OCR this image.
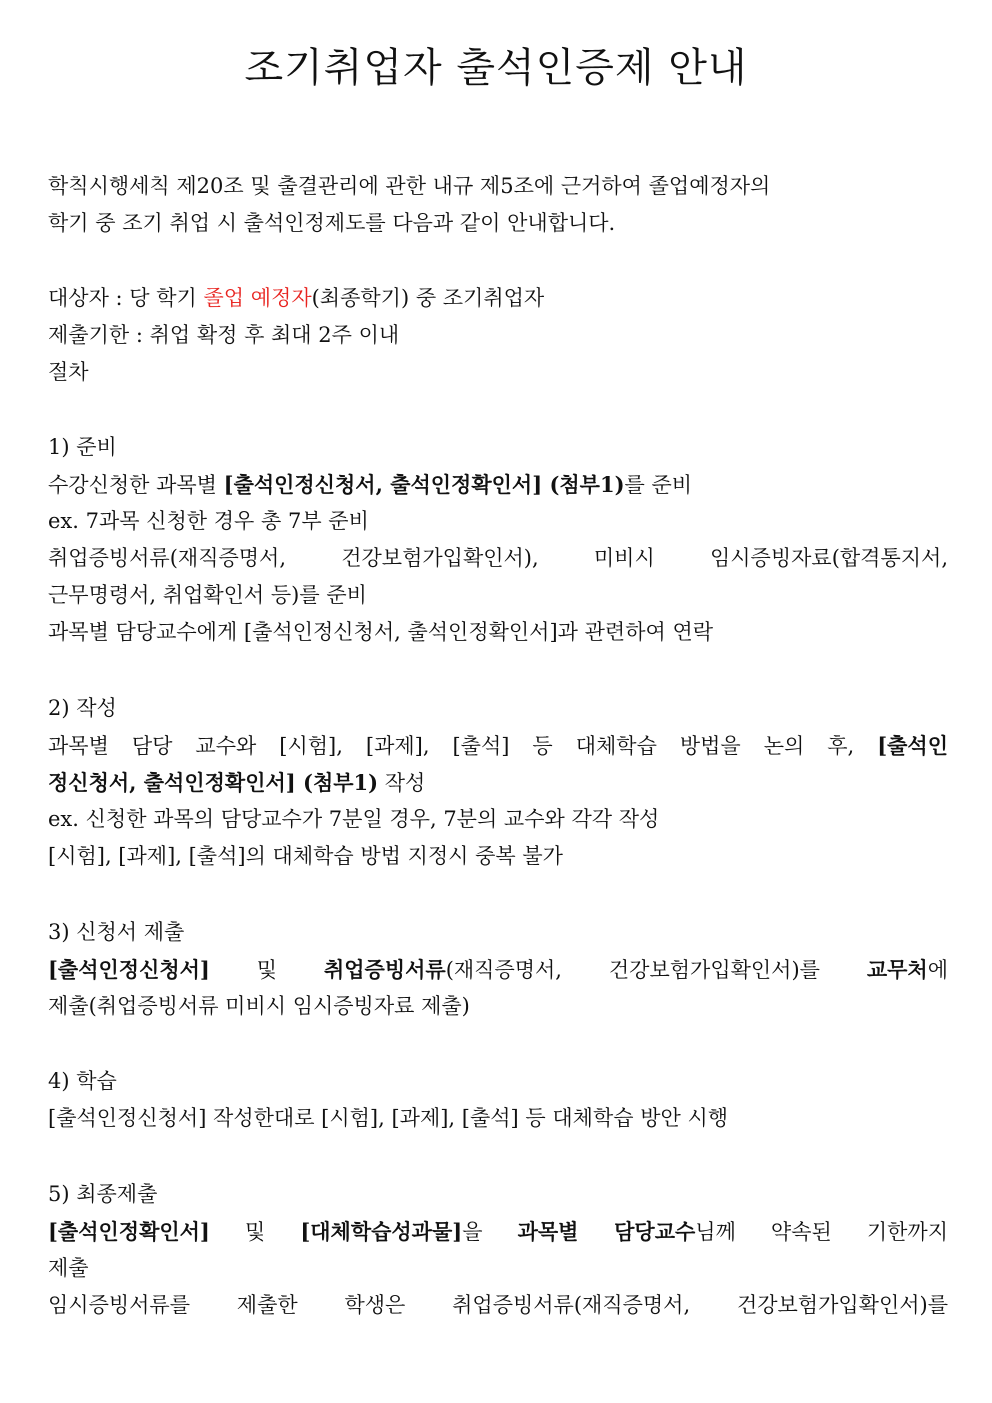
조기취업자 출석인증제 안내
학칙시행세칙 제20조 및 출결관리에 관한 내규 제5조에 근거하여 졸업예정자의
학기 중 조기 취업 시 출석인정제도를 다음과 같이 안내합니다.
대상자 : 당 학기 졸업 예정자(최종학기) 중 조기취업자
제출기한 : 취업 확정 후 최대 2주 이내
절차
1) 준비
수강신청한 과목별 [출석인정신청서, 출석인정확인서] (첨부1)를 준비
ex. 7과목 신청한 경우 총 7부 준비
취업증빙서류(재직증명서, 건강보험가입확인서), 미비시 임시증빙자료(합격통지서,
근무명령서, 취업확인서 등)를 준비
과목별 담당교수에게 [출석인정신청서, 출석인정확인서]과 관련하여 연락
2) 작성
과목별 담당 교수와 [시험], [과제], [출석] 등 대체학습 방법을 논의 후, [출석인
정신청서, 출석인정확인서] (첨부1) 작성
ex. 신청한 과목의 담당교수가 7분일 경우, 7분의 교수와 각각 작성
[시험], [과제], [출석]의 대체학습 방법 지정시 중복 불가
3) 신청서 제출
[출석인정신청서] 및 취업증빙서류(재직증명서, 건강보험가입확인서)를 교무처에
제출(취업증빙서류 미비시 임시증빙자료 제출)
4) 학습
[출석인정신청서] 작성한대로 [시험], [과제], [출석] 등 대체학습 방안 시행
5) 최종제출
[출석인정확인서] 및 [대체학습성과물]을 과목별 담당교수님께 약속된 기한까지
제출
임시증빙서류를 제출한 학생은 취업증빙서류(재직증명서, 건강보험가입확인서)를
